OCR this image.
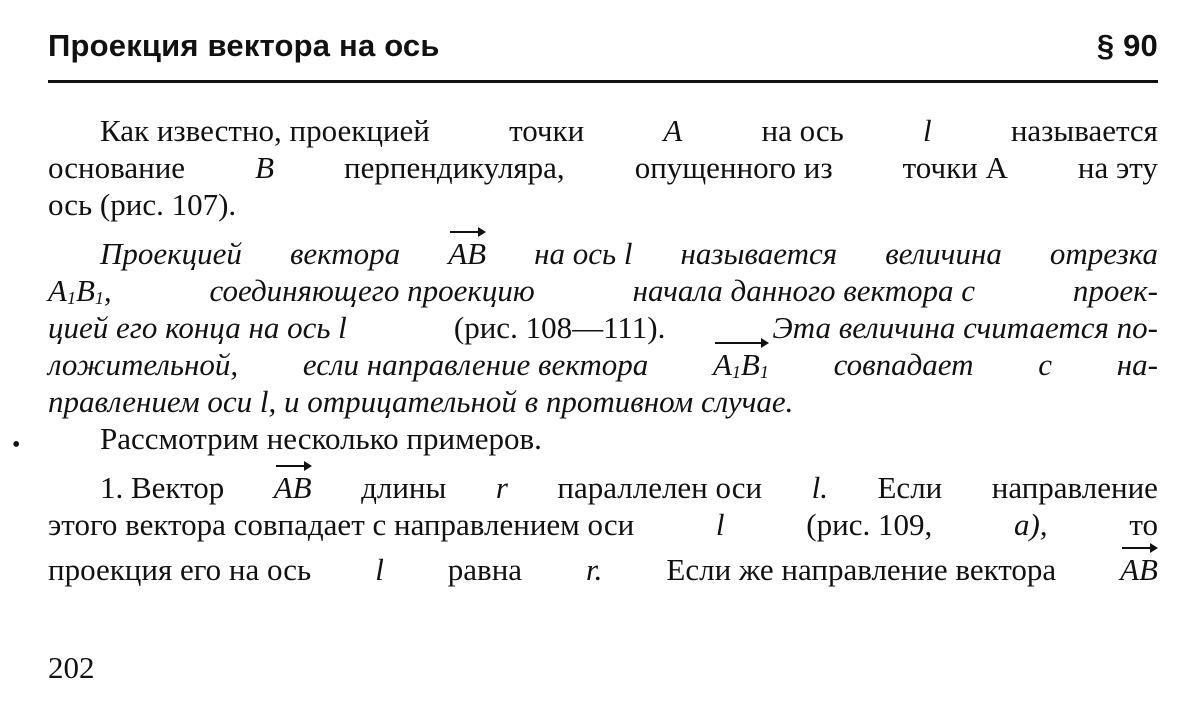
Проекция вектора на ось	§ 90
•
Как известно, проекцией	точки	A	на ось	l	называется
основание B перпендикуляра, опущенного из точки A на эту
ось (рис. 107).
Проекцией вектора AB на ось l называется величина отрезка
$A_1B_1$,	соединяющего проекцию	начала данного вектора с	проек-
цией его конца на ось l	(рис. 108—111).	Эта величина считается по-
ложительной, если направление вектора $A_1B_1$ совпадает с на-
правлением оси l, и отрицательной в противном случае.
Рассмотрим несколько примеров.
1. Вектор AB длины r параллелен оси l. Если направление
этого вектора совпадает с направлением оси	l	(рис. 109,	a),	то
проекция его на ось l равна r. Если же направление вектора AB
202
